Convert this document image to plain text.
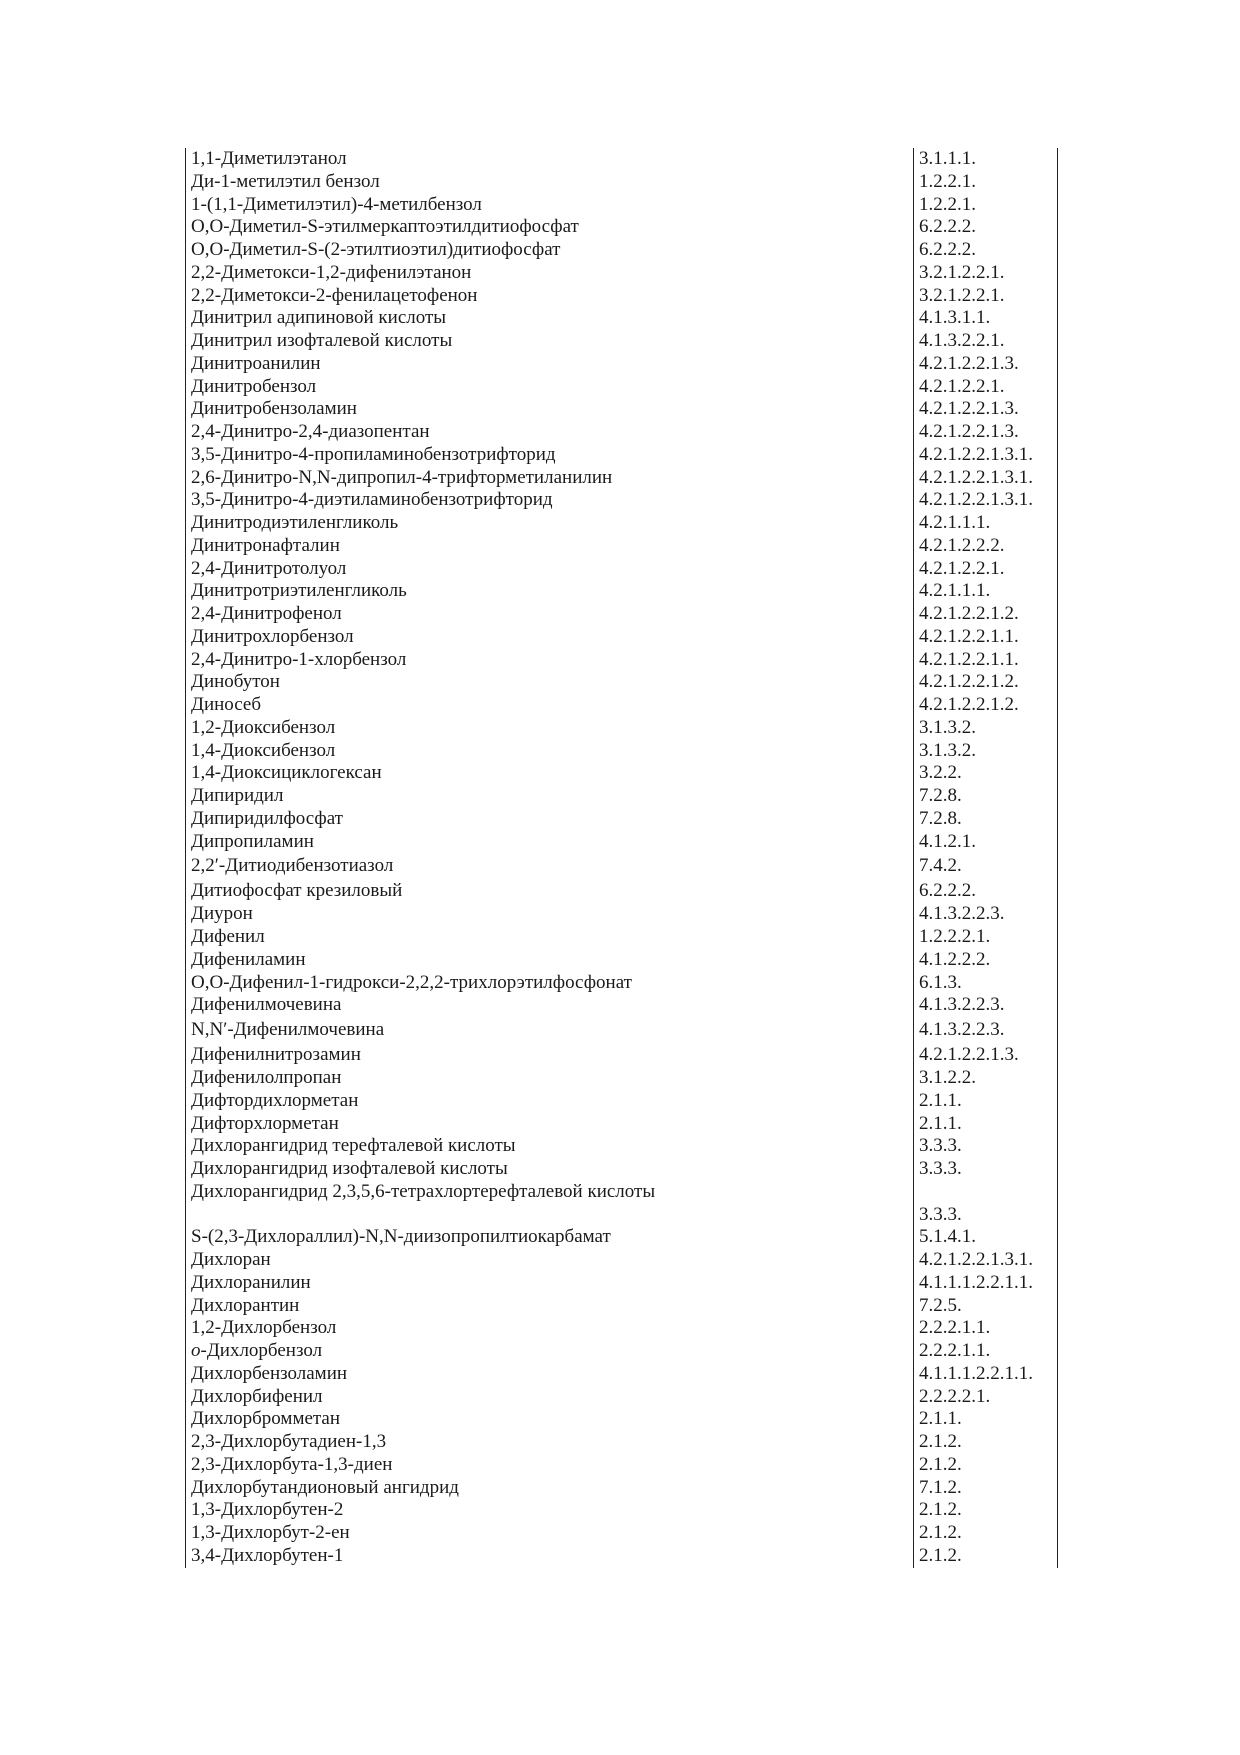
1,1-Диметилэтанол	3.1.1.1.
Ди-1-метилэтил бензол	1.2.2.1.
1-(1,1-Диметилэтил)-4-метилбензол	1.2.2.1.
O,O-Диметил-S-этилмеркаптоэтилдитиофосфат	6.2.2.2.
O,O-Диметил-S-(2-этилтиоэтил)дитиофосфат	6.2.2.2.
2,2-Диметокси-1,2-дифенилэтанон	3.2.1.2.2.1.
2,2-Диметокси-2-фенилацетофенон	3.2.1.2.2.1.
Динитрил адипиновой кислоты	4.1.3.1.1.
Динитрил изофталевой кислоты	4.1.3.2.2.1.
Динитроанилин	4.2.1.2.2.1.3.
Динитробензол	4.2.1.2.2.1.
Динитробензоламин	4.2.1.2.2.1.3.
2,4-Динитро-2,4-диазопентан	4.2.1.2.2.1.3.
3,5-Динитро-4-пропиламинобензотрифторид	4.2.1.2.2.1.3.1.
2,6-Динитро-N,N-дипропил-4-трифторметиланилин	4.2.1.2.2.1.3.1.
3,5-Динитро-4-диэтиламинобензотрифторид	4.2.1.2.2.1.3.1.
Динитродиэтиленгликоль	4.2.1.1.1.
Динитронафталин	4.2.1.2.2.2.
2,4-Динитротолуол	4.2.1.2.2.1.
Динитротриэтиленгликоль	4.2.1.1.1.
2,4-Динитрофенол	4.2.1.2.2.1.2.
Динитрохлорбензол	4.2.1.2.2.1.1.
2,4-Динитро-1-хлорбензол	4.2.1.2.2.1.1.
Динобутон	4.2.1.2.2.1.2.
Диносеб	4.2.1.2.2.1.2.
1,2-Диоксибензол	3.1.3.2.
1,4-Диоксибензол	3.1.3.2.
1,4-Диоксициклогексан	3.2.2.
Дипиридил	7.2.8.
Дипиридилфосфат	7.2.8.
Дипропиламин	4.1.2.1.
2,2′-Дитиодибензотиазол	7.4.2.
Дитиофосфат крезиловый	6.2.2.2.
Диурон	4.1.3.2.2.3.
Дифенил	1.2.2.2.1.
Дифениламин	4.1.2.2.2.
O,O-Дифенил-1-гидрокси-2,2,2-трихлорэтилфосфонат	6.1.3.
Дифенилмочевина	4.1.3.2.2.3.
N,N′-Дифенилмочевина	4.1.3.2.2.3.
Дифенилнитрозамин	4.2.1.2.2.1.3.
Дифенилолпропан	3.1.2.2.
Дифтордихлорметан	2.1.1.
Дифторхлорметан	2.1.1.
Дихлорангидрид терефталевой кислоты	3.3.3.
Дихлорангидрид изофталевой кислоты	3.3.3.
Дихлорангидрид 2,3,5,6-тетрахлортерефталевой кислоты
3.3.3.
S-(2,3-Дихлораллил)-N,N-диизопропилтиокарбамат	5.1.4.1.
Дихлоран	4.2.1.2.2.1.3.1.
Дихлоранилин	4.1.1.1.2.2.1.1.
Дихлорантин	7.2.5.
1,2-Дихлорбензол	2.2.2.1.1.
о-Дихлорбензол	2.2.2.1.1.
Дихлорбензоламин	4.1.1.1.2.2.1.1.
Дихлорбифенил	2.2.2.2.1.
Дихлорбромметан	2.1.1.
2,3-Дихлорбутадиен-1,3	2.1.2.
2,3-Дихлорбута-1,3-диен	2.1.2.
Дихлорбутандионовый ангидрид	7.1.2.
1,3-Дихлорбутен-2	2.1.2.
1,3-Дихлорбут-2-ен	2.1.2.
3,4-Дихлорбутен-1	2.1.2.
